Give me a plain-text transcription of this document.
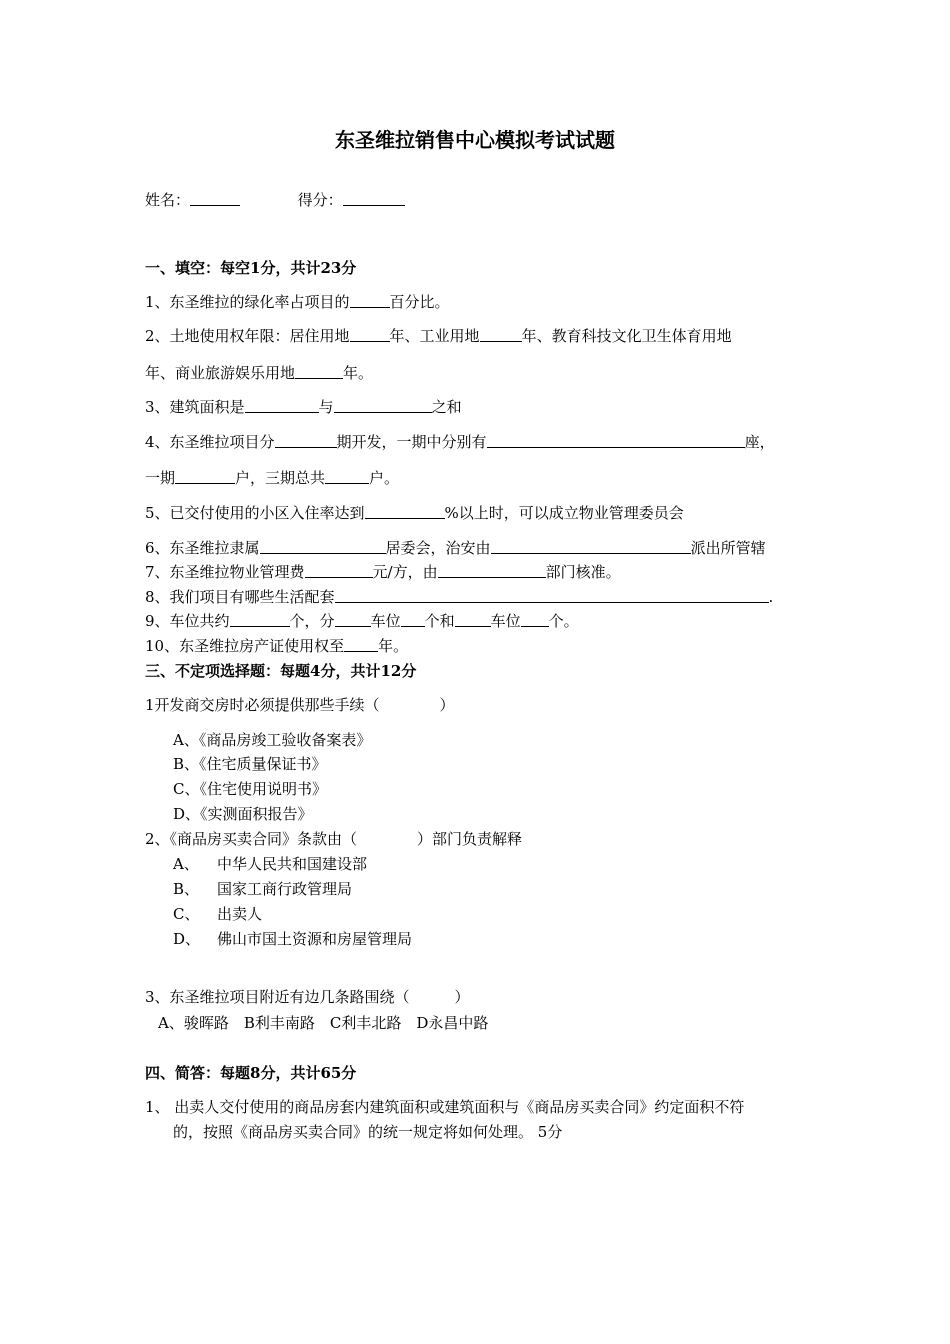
东圣维拉销售中心模拟考试试题
姓名：	得分：
一、填空：每空1分，共计23分
1、东圣维拉的绿化率占项目的	百分比。
2、土地使用权年限：居住用地	年、工业用地	年、教育科技文化卫生体育用地
年、商业旅游娱乐用地	年。
3、建筑面积是	与	之和
4、东圣维拉项目分	期开发，一期中分别有	座，
一期	户，三期总共	户。
5、已交付使用的小区入住率达到	%以上时，可以成立物业管理委员会
6、东圣维拉隶属	居委会，治安由	派出所管辖
7、东圣维拉物业管理费	元/方，由	部门核准。
8、我们项目有哪些生活配套	.
9、车位共约	个，分 车位 个和 车位 个。
10、东圣维拉房产证使用权至 年。
三、不定项选择题：每题4分，共计12分
1开发商交房时必须提供那些手续（　　　　）
A、《商品房竣工验收备案表》
B、《住宅质量保证书》
C、《住宅使用说明书》
D、《实测面积报告》
2、《商品房买卖合同》条款由（　　　　）部门负责解释
A、 中华人民共和国建设部
B、 国家工商行政管理局
C、 出卖人
D、 佛山市国土资源和房屋管理局
3、东圣维拉项目附近有边几条路围绕（　　　）
A、骏晖路　B利丰南路　C利丰北路　D永昌中路
四、简答：每题8分，共计65分
1、 出卖人交付使用的商品房套内建筑面积或建筑面积与《商品房买卖合同》约定面积不符
的，按照《商品房买卖合同》的统一规定将如何处理。 5分
